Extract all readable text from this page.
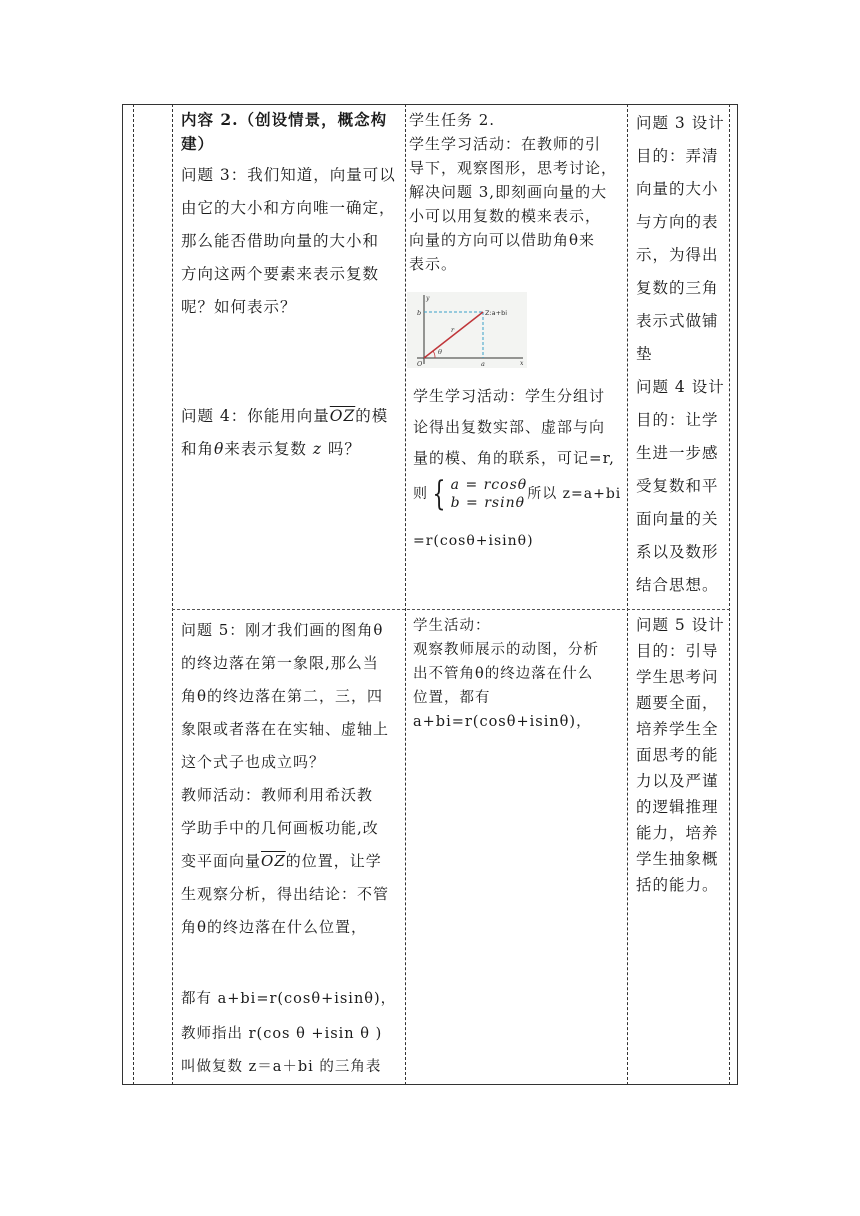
内容 2.（创设情景，概念构
建）

问题 3：我们知道，向量可以

由它的大小和方向唯一确定，

那么能否借助向量的大小和

方向这两个要素来表示复数

呢？如何表示？

问题 4：你能用向量$\overline{OZ}$的模

和角θ来表示复数 z 吗？

学生任务 2.

学生学习活动：在教师的引

导下，观察图形，思考讨论，

解决问题 3,即刻画向量的大

小可以用复数的模来表示，

向量的方向可以借助角θ来

表示。

Z:a+bi
b
a
r
O
θ
x
y

学生学习活动：学生分组讨

论得出复数实部、虚部与向

量的模、角的联系，可记=r,

则 { a = rcosθ
b = rsinθ所以 z=a+bi

=r(cosθ+isinθ)

问题 3 设计

目的：弄清

向量的大小

与方向的表

示，为得出

复数的三角

表示式做铺

垫

问题 4 设计

目的：让学

生进一步感

受复数和平

面向量的关

系以及数形

结合思想。

问题 5：刚才我们画的图角θ

的终边落在第一象限,那么当

角θ的终边落在第二，三，四

象限或者落在在实轴、虚轴上

这个式子也成立吗？

教师活动：教师利用希沃教

学助手中的几何画板功能,改

变平面向量$\overline{OZ}$的位置，让学

生观察分析，得出结论：不管

角θ的终边落在什么位置，

都有 a+bi=r(cosθ+isinθ)，

教师指出 r(cos θ +isin θ )

叫做复数 z＝a＋bi 的三角表

学生活动：

观察教师展示的动图，分析

出不管角θ的终边落在什么

位置，都有

a+bi=r(cosθ+isinθ)，

问题 5 设计

目的：引导

学生思考问

题要全面，

培养学生全

面思考的能

力以及严谨

的逻辑推理

能力，培养

学生抽象概

括的能力。
